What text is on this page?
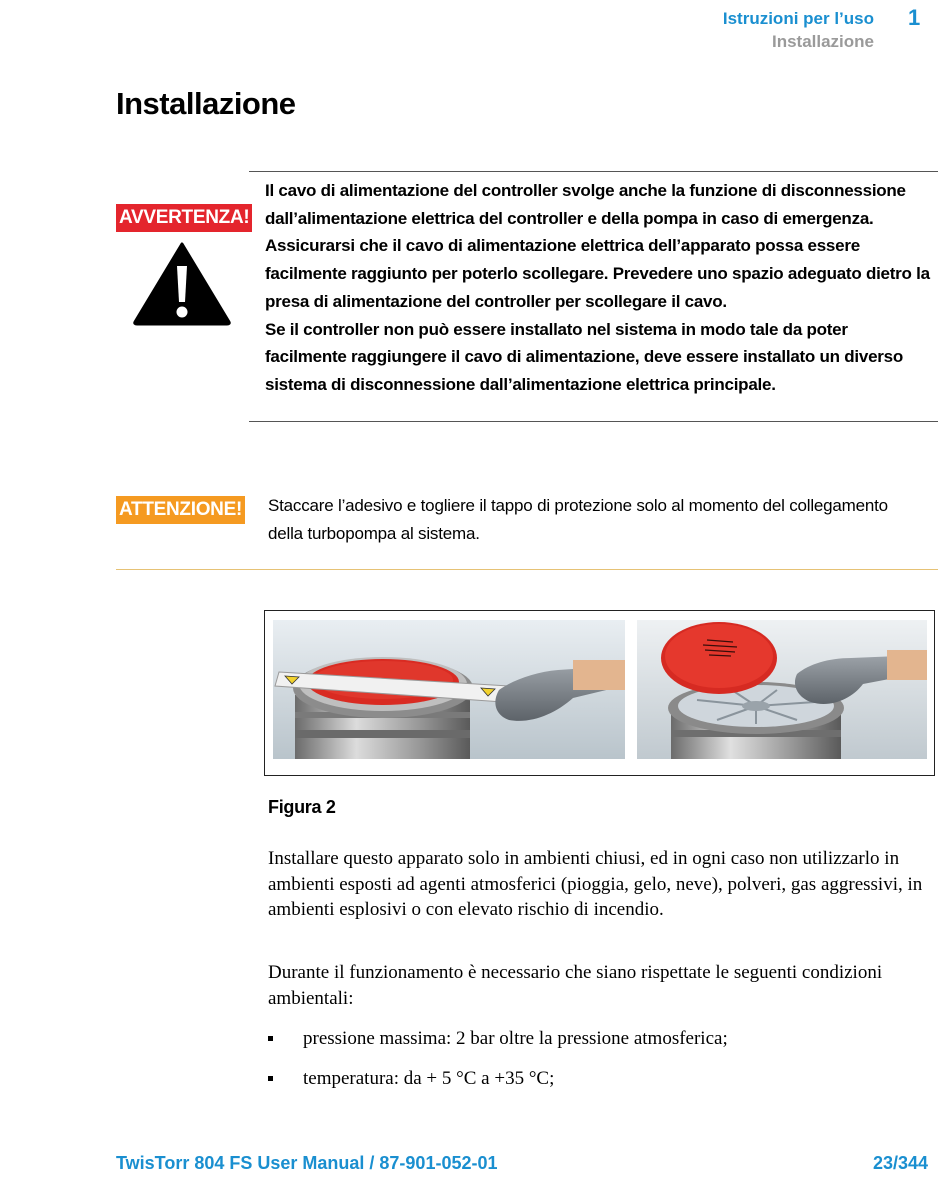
Istruzioni per l’uso 1
Installazione
Installazione
AVVERTENZA!

Il cavo di alimentazione del controller svolge anche la funzione di disconnessione dall’alimentazione elettrica del controller e della pompa in caso di emergenza.

Assicurarsi che il cavo di alimentazione elettrica dell’apparato possa essere facilmente raggiunto per poterlo scollegare. Prevedere uno spazio adeguato dietro la presa di alimentazione del controller per scollegare il cavo.

Se il controller non può essere installato nel sistema in modo tale da poter facilmente raggiungere il cavo di alimentazione, deve essere installato un diverso sistema di disconnessione dall’alimentazione elettrica principale.

ATTENZIONE! Staccare l’adesivo e togliere il tappo di protezione solo al momento del collegamento della turbopompa al sistema.
Figura 2
Installare questo apparato solo in ambienti chiusi, ed in ogni caso non utilizzarlo in ambienti esposti ad agenti atmosferici (pioggia, gelo, neve), polveri, gas aggressivi, in ambienti esplosivi o con elevato rischio di incendio.
Durante il funzionamento è necessario che siano rispettate le seguenti condizioni ambientali:
pressione massima: 2 bar oltre la pressione atmosferica;
temperatura: da + 5 °C a +35 °C;
TwisTorr 804 FS User Manual / 87-901-052-01	23/344
